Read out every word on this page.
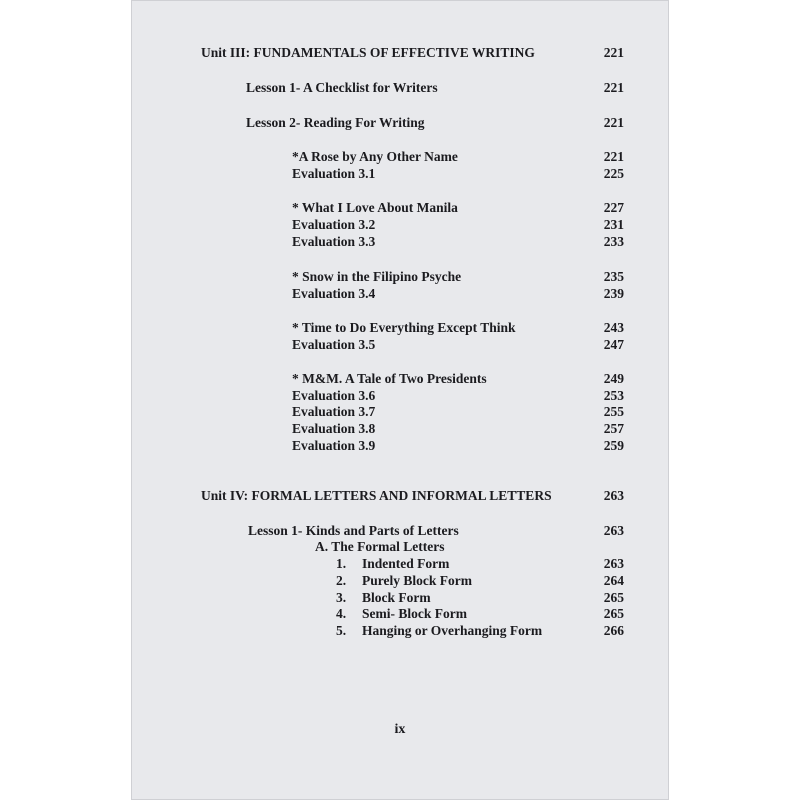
Unit III: FUNDAMENTALS OF EFFECTIVE WRITING	221
Lesson 1- A Checklist for Writers	221
Lesson 2- Reading For Writing	221
*A Rose by Any Other Name	221
Evaluation 3.1	225
* What I Love About Manila	227
Evaluation 3.2	231
Evaluation 3.3	233
* Snow in the Filipino Psyche	235
Evaluation 3.4	239
* Time to Do Everything Except Think	243
Evaluation 3.5	247
* M&M. A Tale of Two Presidents	249
Evaluation 3.6	253
Evaluation 3.7	255
Evaluation 3.8	257
Evaluation 3.9	259
Unit IV: FORMAL LETTERS AND INFORMAL LETTERS	263
Lesson 1- Kinds and Parts of Letters	263
A. The Formal Letters
1. Indented Form	263
2. Purely Block Form	264
3. Block Form	265
4. Semi- Block Form	265
5. Hanging or Overhanging Form	266
ix
